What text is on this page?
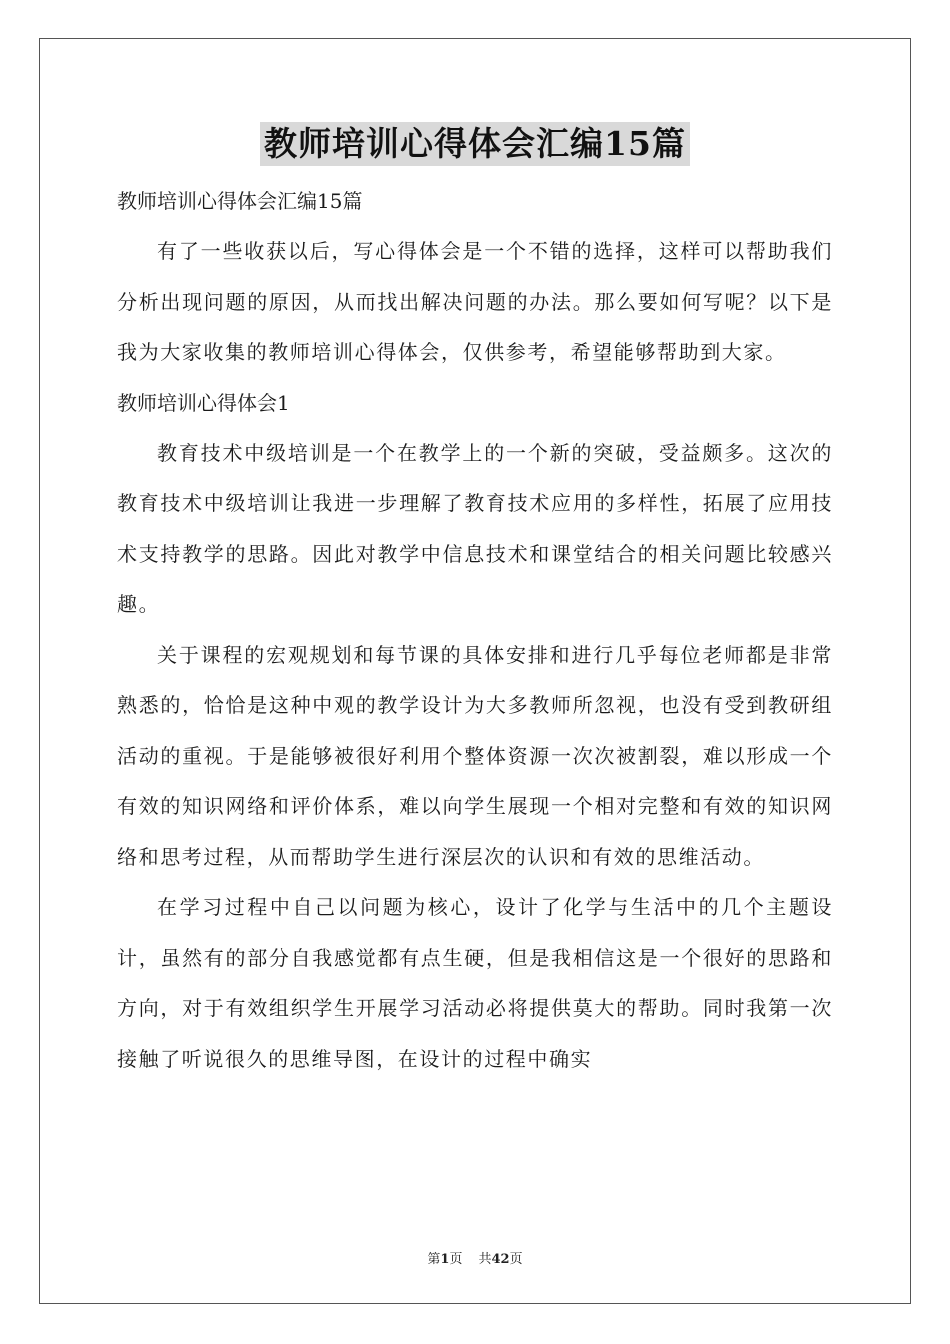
教师培训心得体会汇编15篇

教师培训心得体会汇编15篇

有了一些收获以后，写心得体会是一个不错的选择，这样可以帮助我们分析出现问题的原因，从而找出解决问题的办法。那么要如何写呢？以下是我为大家收集的教师培训心得体会，仅供参考，希望能够帮助到大家。

教师培训心得体会1

教育技术中级培训是一个在教学上的一个新的突破，受益颇多。这次的教育技术中级培训让我进一步理解了教育技术应用的多样性，拓展了应用技术支持教学的思路。因此对教学中信息技术和课堂结合的相关问题比较感兴趣。

关于课程的宏观规划和每节课的具体安排和进行几乎每位老师都是非常熟悉的，恰恰是这种中观的教学设计为大多教师所忽视，也没有受到教研组活动的重视。于是能够被很好利用个整体资源一次次被割裂，难以形成一个有效的知识网络和评价体系，难以向学生展现一个相对完整和有效的知识网络和思考过程，从而帮助学生进行深层次的认识和有效的思维活动。

在学习过程中自己以问题为核心，设计了化学与生活中的几个主题设计，虽然有的部分自我感觉都有点生硬，但是我相信这是一个很好的思路和方向，对于有效组织学生开展学习活动必将提供莫大的帮助。同时我第一次接触了听说很久的思维导图，在设计的过程中确实

第1页 共42页
